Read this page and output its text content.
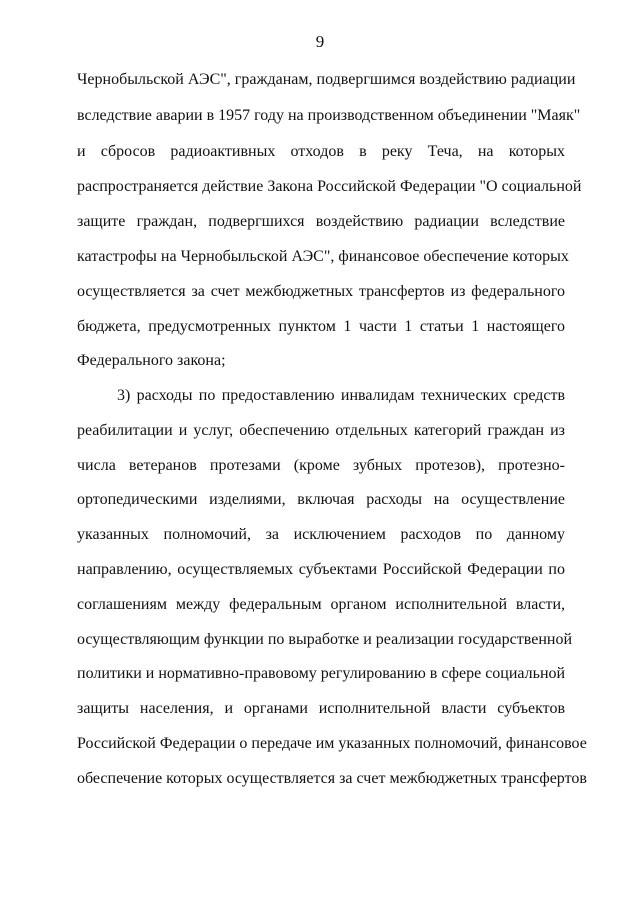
9
Чернобыльской АЭС", гражданам, подвергшимся воздействию радиации
вследствие аварии в 1957 году на производственном объединении "Маяк"
и сбросов радиоактивных отходов в реку Теча, на которых
распространяется действие Закона Российской Федерации "О социальной
защите граждан, подвергшихся воздействию радиации вследствие
катастрофы на Чернобыльской АЭС", финансовое обеспечение которых
осуществляется за счет межбюджетных трансфертов из федерального
бюджета, предусмотренных пунктом 1 части 1 статьи 1 настоящего
Федерального закона;
3) расходы по предоставлению инвалидам технических средств
реабилитации и услуг, обеспечению отдельных категорий граждан из
числа ветеранов протезами (кроме зубных протезов), протезно-
ортопедическими изделиями, включая расходы на осуществление
указанных полномочий, за исключением расходов по данному
направлению, осуществляемых субъектами Российской Федерации по
соглашениям между федеральным органом исполнительной власти,
осуществляющим функции по выработке и реализации государственной
политики и нормативно-правовому регулированию в сфере социальной
защиты населения, и органами исполнительной власти субъектов
Российской Федерации о передаче им указанных полномочий, финансовое
обеспечение которых осуществляется за счет межбюджетных трансфертов
